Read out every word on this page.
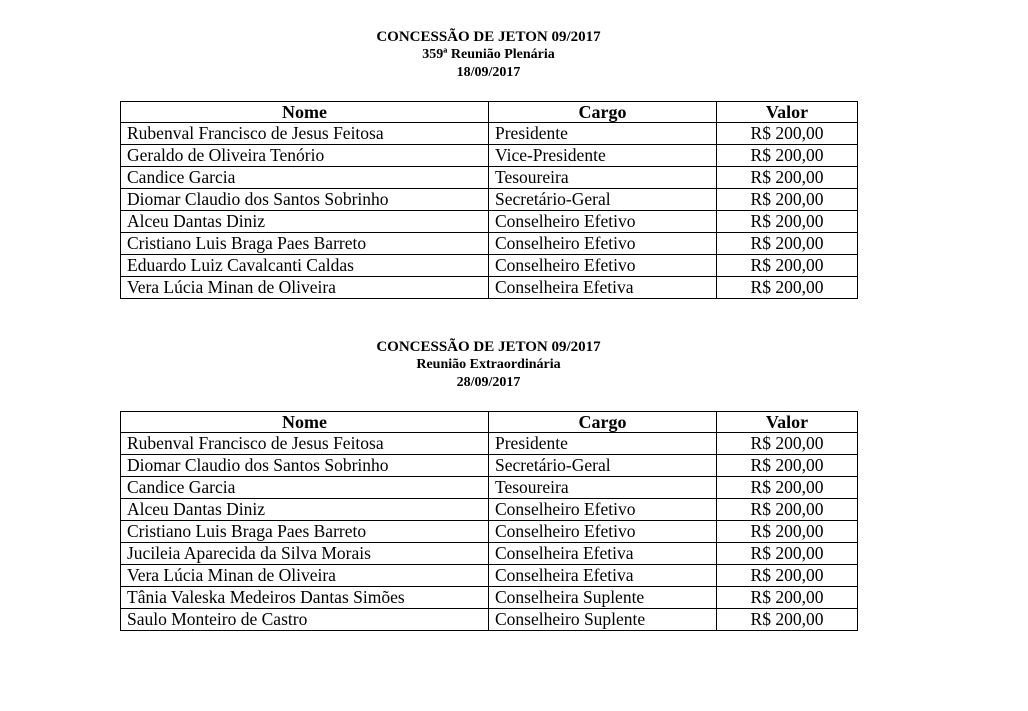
CONCESSÃO DE JETON 09/2017
359ª Reunião Plenária
18/09/2017
Nome	Cargo	Valor
Rubenval Francisco de Jesus Feitosa	Presidente	R$ 200,00
Geraldo de Oliveira Tenório	Vice-Presidente	R$ 200,00
Candice Garcia	Tesoureira	R$ 200,00
Diomar Claudio dos Santos Sobrinho	Secretário-Geral	R$ 200,00
Alceu Dantas Diniz	Conselheiro Efetivo	R$ 200,00
Cristiano Luis Braga Paes Barreto	Conselheiro Efetivo	R$ 200,00
Eduardo Luiz Cavalcanti Caldas	Conselheiro Efetivo	R$ 200,00
Vera Lúcia Minan de Oliveira	Conselheira Efetiva	R$ 200,00
CONCESSÃO DE JETON 09/2017
Reunião Extraordinária
28/09/2017
Nome	Cargo	Valor
Rubenval Francisco de Jesus Feitosa	Presidente	R$ 200,00
Diomar Claudio dos Santos Sobrinho	Secretário-Geral	R$ 200,00
Candice Garcia	Tesoureira	R$ 200,00
Alceu Dantas Diniz	Conselheiro Efetivo	R$ 200,00
Cristiano Luis Braga Paes Barreto	Conselheiro Efetivo	R$ 200,00
Jucileia Aparecida da Silva Morais	Conselheira Efetiva	R$ 200,00
Vera Lúcia Minan de Oliveira	Conselheira Efetiva	R$ 200,00
Tânia Valeska Medeiros Dantas Simões	Conselheira Suplente	R$ 200,00
Saulo Monteiro de Castro	Conselheiro Suplente	R$ 200,00
